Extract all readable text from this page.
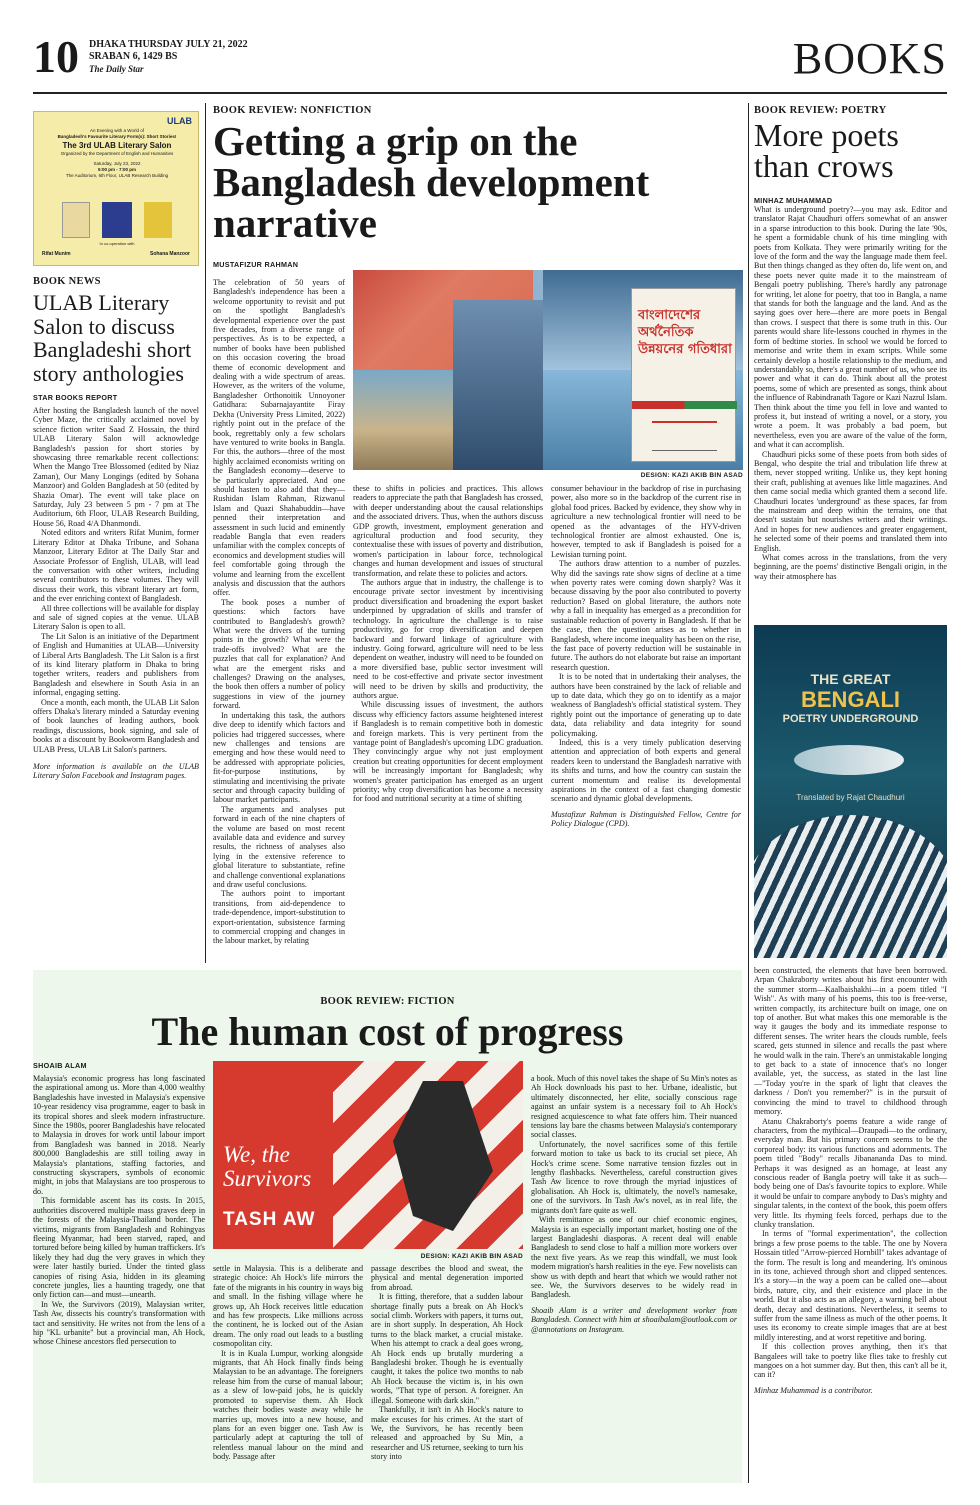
10 DHAKA THURSDAY JULY 21, 2022
SRABAN 6, 1429 BS
The Daily Star	BOOKS
ULAB
An Evening with a World of
Bangladesh's Favourite Literary Form(s): Short Stories!
The 3rd ULAB Literary Salon
Organized by the Department of English and Humanities
Saturday, July 23, 2022
5:00 pm - 7:00 pm
The Auditorium, 6th Floor, ULAB Research Building
In co-operation with
Rifat Munim	Sohana Manzoor
BOOK NEWS
ULAB Literary Salon to discuss Bangladeshi short story anthologies
STAR BOOKS REPORT

After hosting the Bangladesh launch of the novel Cyber Maze, the critically acclaimed novel by science fiction writer Saad Z Hossain, the third ULAB Literary Salon will acknowledge Bangladesh's passion for short stories by showcasing three remarkable recent collections: When the Mango Tree Blossomed (edited by Niaz Zaman), Our Many Longings (edited by Sohana Manzoor) and Golden Bangladesh at 50 (edited by Shazia Omar). The event will take place on Saturday, July 23 between 5 pm - 7 pm at The Auditorium, 6th Floor, ULAB Research Building, House 56, Road 4/A Dhanmondi.

Noted editors and writers Rifat Munim, former Literary Editor at Dhaka Tribune, and Sohana Manzoor, Literary Editor at The Daily Star and Associate Professor of English, ULAB, will lead the conversation with other writers, including several contributors to these volumes. They will discuss their work, this vibrant literary art form, and the ever enriching context of Bangladesh.

All three collections will be available for display and sale of signed copies at the venue. ULAB Literary Salon is open to all.

The Lit Salon is an initiative of the Department of English and Humanities at ULAB—University of Liberal Arts Bangladesh. The Lit Salon is a first of its kind literary platform in Dhaka to bring together writers, readers and publishers from Bangladesh and elsewhere in South Asia in an informal, engaging setting.

Once a month, each month, the ULAB Lit Salon offers Dhaka's literary minded a Saturday evening of book launches of leading authors, book readings, discussions, book signing, and sale of books at a discount by Bookworm Bangladesh and ULAB Press, ULAB Lit Salon's partners.

More information is available on the ULAB Literary Salon Facebook and Instagram pages.

BOOK REVIEW: NONFICTION
Getting a grip on the Bangladesh development narrative
MUSTAFIZUR RAHMAN
বাংলাদেশের অর্থনৈতিক উন্নয়নের গতিধারা
DESIGN: KAZI AKIB BIN ASAD

The celebration of 50 years of Bangladesh's independence has been a welcome opportunity to revisit and put on the spotlight Bangladesh's developmental experience over the past five decades, from a diverse range of perspectives. As is to be expected, a number of books have been published on this occasion covering the broad theme of economic development and dealing with a wide spectrum of areas. However, as the writers of the volume, Bangladesher Orthonoitik Unnoyoner Gatidhara: Subarnajayantite Firay Dekha (University Press Limited, 2022) rightly point out in the preface of the book, regrettably only a few scholars have ventured to write books in Bangla. For this, the authors—three of the most highly acclaimed economists writing on the Bangladesh economy—deserve to be particularly appreciated. And one should hasten to also add that they—Rushidan Islam Rahman, Rizwanul Islam and Quazi Shahabuddin—have penned their interpretation and assessment in such lucid and eminently readable Bangla that even readers unfamiliar with the complex concepts of economics and development studies will feel comfortable going through the volume and learning from the excellent analysis and discussion that the authors offer.

The book poses a number of questions: which factors have contributed to Bangladesh's growth? What were the drivers of the turning points in the growth? What were the trade-offs involved? What are the puzzles that call for explanation? And what are the emergent risks and challenges? Drawing on the analyses, the book then offers a number of policy suggestions in view of the journey forward.

In undertaking this task, the authors dive deep to identify which factors and policies had triggered successes, where new challenges and tensions are emerging and how these would need to be addressed with appropriate policies, fit-for-purpose institutions, by stimulating and incentivising the private sector and through capacity building of labour market participants.

The arguments and analyses put forward in each of the nine chapters of the volume are based on most recent available data and evidence and survey results, the richness of analyses also lying in the extensive reference to global literature to substantiate, refine and challenge conventional explanations and draw useful conclusions.

The authors point to important transitions, from aid-dependence to trade-dependence, import-substitution to export-orientation, subsistence farming to commercial cropping and changes in the labour market, by relating

these to shifts in policies and practices. This allows readers to appreciate the path that Bangladesh has crossed, with deeper understanding about the causal relationships and the associated drivers. Thus, when the authors discuss GDP growth, investment, employment generation and agricultural production and food security, they contextualise these with issues of poverty and distribution, women's participation in labour force, technological changes and human development and issues of structural transformation, and relate these to policies and actors.

The authors argue that in industry, the challenge is to encourage private sector investment by incentivising product diversification and broadening the export basket underpinned by upgradation of skills and transfer of technology. In agriculture the challenge is to raise productivity, go for crop diversification and deepen backward and forward linkage of agriculture with industry. Going forward, agriculture will need to be less dependent on weather, industry will need to be founded on a more diversified base, public sector investment will need to be cost-effective and private sector investment will need to be driven by skills and productivity, the authors argue.

While discussing issues of investment, the authors discuss why efficiency factors assume heightened interest if Bangladesh is to remain competitive both in domestic and foreign markets. This is very pertinent from the vantage point of Bangladesh's upcoming LDC graduation. They convincingly argue why not just employment creation but creating opportunities for decent employment will be increasingly important for Bangladesh; why women's greater participation has emerged as an urgent priority; why crop diversification has become a necessity for food and nutritional security at a time of shifting

consumer behaviour in the backdrop of rise in purchasing power, also more so in the backdrop of the current rise in global food prices. Backed by evidence, they show why in agriculture a new technological frontier will need to be opened as the advantages of the HYV-driven technological frontier are almost exhausted. One is, however, tempted to ask if Bangladesh is poised for a Lewisian turning point.

The authors draw attention to a number of puzzles. Why did the savings rate show signs of decline at a time when poverty rates were coming down sharply? Was it because dissaving by the poor also contributed to poverty reduction? Based on global literature, the authors note why a fall in inequality has emerged as a precondition for sustainable reduction of poverty in Bangladesh. If that be the case, then the question arises as to whether in Bangladesh, where income inequality has been on the rise, the fast pace of poverty reduction will be sustainable in future. The authors do not elaborate but raise an important research question.

It is to be noted that in undertaking their analyses, the authors have been constrained by the lack of reliable and up to date data, which they go on to identify as a major weakness of Bangladesh's official statistical system. They rightly point out the importance of generating up to date data, data reliability and data integrity for sound policymaking.

Indeed, this is a very timely publication deserving attention and appreciation of both experts and general readers keen to understand the Bangladesh narrative with its shifts and turns, and how the country can sustain the current momentum and realise its developmental aspirations in the context of a fast changing domestic scenario and dynamic global developments.

Mustafizur Rahman is Distinguished Fellow, Centre for Policy Dialogue (CPD).

BOOK REVIEW: POETRY
More poets than crows
MINHAZ MUHAMMAD

What is underground poetry?—you may ask. Editor and translator Rajat Chaudhuri offers somewhat of an answer in a sparse introduction to this book. During the late '90s, he spent a formidable chunk of his time mingling with poets from Kolkata. They were primarily writing for the love of the form and the way the language made them feel. But then things changed as they often do, life went on, and these poets never quite made it to the mainstream of Bengali poetry publishing. There's hardly any patronage for writing, let alone for poetry, that too in Bangla, a name that stands for both the language and the land. And as the saying goes over here—there are more poets in Bengal than crows. I suspect that there is some truth in this. Our parents would share life-lessons couched in rhymes in the form of bedtime stories. In school we would be forced to memorise and write them in exam scripts. While some certainly develop a hostile relationship to the medium, and understandably so, there's a great number of us, who see its power and what it can do. Think about all the protest poems, some of which are presented as songs, think about the influence of Rabindranath Tagore or Kazi Nazrul Islam. Then think about the time you fell in love and wanted to profess it, but instead of writing a novel, or a story, you wrote a poem. It was probably a bad poem, but nevertheless, even you are aware of the value of the form, and what it can accomplish.

Chaudhuri picks some of these poets from both sides of Bengal, who despite the trial and tribulation life threw at them, never stopped writing. Unlike us, they kept honing their craft, publishing at avenues like little magazines. And then came social media which granted them a second life. Chaudhuri locates 'underground' as these spaces, far from the mainstream and deep within the terrains, one that doesn't sustain but nourishes writers and their writings. And in hopes for new audiences and greater engagement, he selected some of their poems and translated them into English.

What comes across in the translations, from the very beginning, are the poems' distinctive Bengali origin, in the way their atmosphere has

THE GREAT
BENGALI
POETRY UNDERGROUND
Translated by Rajat Chaudhuri
BOOK REVIEW: FICTION
The human cost of progress
SHOAIB ALAM

Malaysia's economic progress has long fascinated the aspirational among us. More than 4,000 wealthy Bangladeshis have invested in Malaysia's expensive 10-year residency visa programme, eager to bask in its tropical shores and sleek modern infrastructure. Since the 1980s, poorer Bangladeshis have relocated to Malaysia in droves for work until labour import from Bangladesh was banned in 2018. Nearly 800,000 Bangladeshis are still toiling away in Malaysia's plantations, staffing factories, and constructing skyscrapers, symbols of economic might, in jobs that Malaysians are too prosperous to do.

This formidable ascent has its costs. In 2015, authorities discovered multiple mass graves deep in the forests of the Malaysia-Thailand border. The victims, migrants from Bangladesh and Rohingyas fleeing Myanmar, had been starved, raped, and tortured before being killed by human traffickers. It's likely they had dug the very graves in which they were later hastily buried. Under the tinted glass canopies of rising Asia, hidden in its gleaming concrete jungles, lies a haunting tragedy, one that only fiction can—and must—unearth.

In We, the Survivors (2019), Malaysian writer, Tash Aw, dissects his country's transformation with tact and sensitivity. He writes not from the lens of a hip "KL urbanite" but a provincial man, Ah Hock, whose Chinese ancestors fled persecution to

We, the Survivors
TASH AW
DESIGN: KAZI AKIB BIN ASAD

settle in Malaysia. This is a deliberate and strategic choice: Ah Hock's life mirrors the fate of the migrants in his country in ways big and small. In the fishing village where he grows up, Ah Hock receives little education and has few prospects. Like millions across the continent, he is locked out of the Asian dream. The only road out leads to a bustling cosmopolitan city.

It is in Kuala Lumpur, working alongside migrants, that Ah Hock finally finds being Malaysian to be an advantage. The foreigners release him from the curse of manual labour; as a slew of low-paid jobs, he is quickly promoted to supervise them. Ah Hock watches their bodies waste away while he marries up, moves into a new house, and plans for an even bigger one. Tash Aw is particularly adept at capturing the toll of relentless manual labour on the mind and body. Passage after

passage describes the blood and sweat, the physical and mental degeneration imported from abroad.

It is fitting, therefore, that a sudden labour shortage finally puts a break on Ah Hock's social climb. Workers with papers, it turns out, are in short supply. In desperation, Ah Hock turns to the black market, a crucial mistake. When his attempt to crack a deal goes wrong, Ah Hock ends up brutally murdering a Bangladeshi broker. Though he is eventually caught, it takes the police two months to nab Ah Hock because the victim is, in his own words, "That type of person. A foreigner. An illegal. Someone with dark skin."

Thankfully, it isn't in Ah Hock's nature to make excuses for his crimes. At the start of We, the Survivors, he has recently been released and approached by Su Min, a researcher and US returnee, seeking to turn his story into

a book. Much of this novel takes the shape of Su Min's notes as Ah Hock downloads his past to her. Urbane, idealistic, but ultimately disconnected, her elite, socially conscious rage against an unfair system is a necessary foil to Ah Hock's resigned acquiescence to what fate offers him. Their nuanced tensions lay bare the chasms between Malaysia's contemporary social classes.

Unfortunately, the novel sacrifices some of this fertile forward motion to take us back to its crucial set piece, Ah Hock's crime scene. Some narrative tension fizzles out in lengthy flashbacks. Nevertheless, careful construction gives Tash Aw licence to rove through the myriad injustices of globalisation. Ah Hock is, ultimately, the novel's namesake, one of the survivors. In Tash Aw's novel, as in real life, the migrants don't fare quite as well.

With remittance as one of our chief economic engines, Malaysia is an especially important market, hosting one of the largest Bangladeshi diasporas. A recent deal will enable Bangladesh to send close to half a million more workers over the next five years. As we reap this windfall, we must look modern migration's harsh realities in the eye. Few novelists can show us with depth and heart that which we would rather not see. We, the Survivors deserves to be widely read in Bangladesh.

Shoaib Alam is a writer and development worker from Bangladesh. Connect with him at shoaibalam@outlook.com or @annotations on Instagram.

been constructed, the elements that have been borrowed. Arpan Chakraborty writes about his first encounter with the summer storm—Kaalbaishakhi—in a poem titled "I Wish". As with many of his poems, this too is free-verse, written compactly, its architecture built on image, one on top of another. But what makes this one memorable is the way it gauges the body and its immediate response to different senses. The writer hears the clouds rumble, feels scared, gets stunned in silence and recalls the past where he would walk in the rain. There's an unmistakable longing to get back to a state of innocence that's no longer available, yet, the success, as stated in the last line—"Today you're in the spark of light that cleaves the darkness / Don't you remember?" is in the pursuit of convincing the mind to travel to childhood through memory.

Atanu Chakraborty's poems feature a wide range of characters, from the mythical—Draupadi—to the ordinary, everyday man. But his primary concern seems to be the corporeal body: its various functions and adornments. The poem titled "Body" recalls Jibanananda Das to mind. Perhaps it was designed as an homage, at least any conscious reader of Bangla poetry will take it as such—body being one of Das's favourite topics to explore. While it would be unfair to compare anybody to Das's mighty and singular talents, in the context of the book, this poem offers very little. Its rhyming feels forced, perhaps due to the clunky translation.

In terms of "formal experimentation", the collection brings a few prose poems to the table. The one by Novera Hossain titled "Arrow-pierced Hornbill" takes advantage of the form. The result is long and meandering. It's ominous in its tone, achieved through short and clipped sentences. It's a story—in the way a poem can be called one—about birds, nature, city, and their existence and place in the world. But it also acts as an allegory, a warning bell about death, decay and destinations. Nevertheless, it seems to suffer from the same illness as much of the other poems. It uses its economy to create simple images that are at best mildly interesting, and at worst repetitive and boring.

If this collection proves anything, then it's that Bangalees will take to poetry like flies take to freshly cut mangoes on a hot summer day. But then, this can't all be it, can it?

Minhaz Muhammad is a contributor.
